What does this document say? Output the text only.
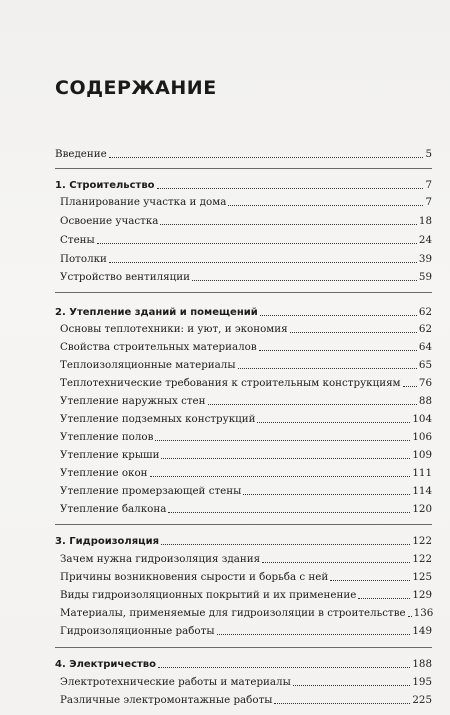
СОДЕРЖАНИЕ
Введение	5
1. Строительство	7
Планирование участка и дома	7
Освоение участка	18
Стены	24
Потолки	39
Устройство вентиляции	59
2. Утепление зданий и помещений	62
Основы теплотехники: и уют, и экономия	62
Свойства строительных материалов	64
Теплоизоляционные материалы	65
Теплотехнические требования к строительным конструкциям 76
Утепление наружных стен	88
Утепление подземных конструкций	104
Утепление полов	106
Утепление крыши	109
Утепление окон	111
Утепление промерзающей стены	114
Утепление балкона	120
3. Гидроизоляция	122
Зачем нужна гидроизоляция здания	122
Причины возникновения сырости и борьба с ней	125
Виды гидроизоляционных покрытий и их применение	129
Материалы, применяемые для гидроизоляции в строительстве 136
Гидроизоляционные работы	149
4. Электричество	188
Электротехнические работы и материалы	195
Различные электромонтажные работы	225
